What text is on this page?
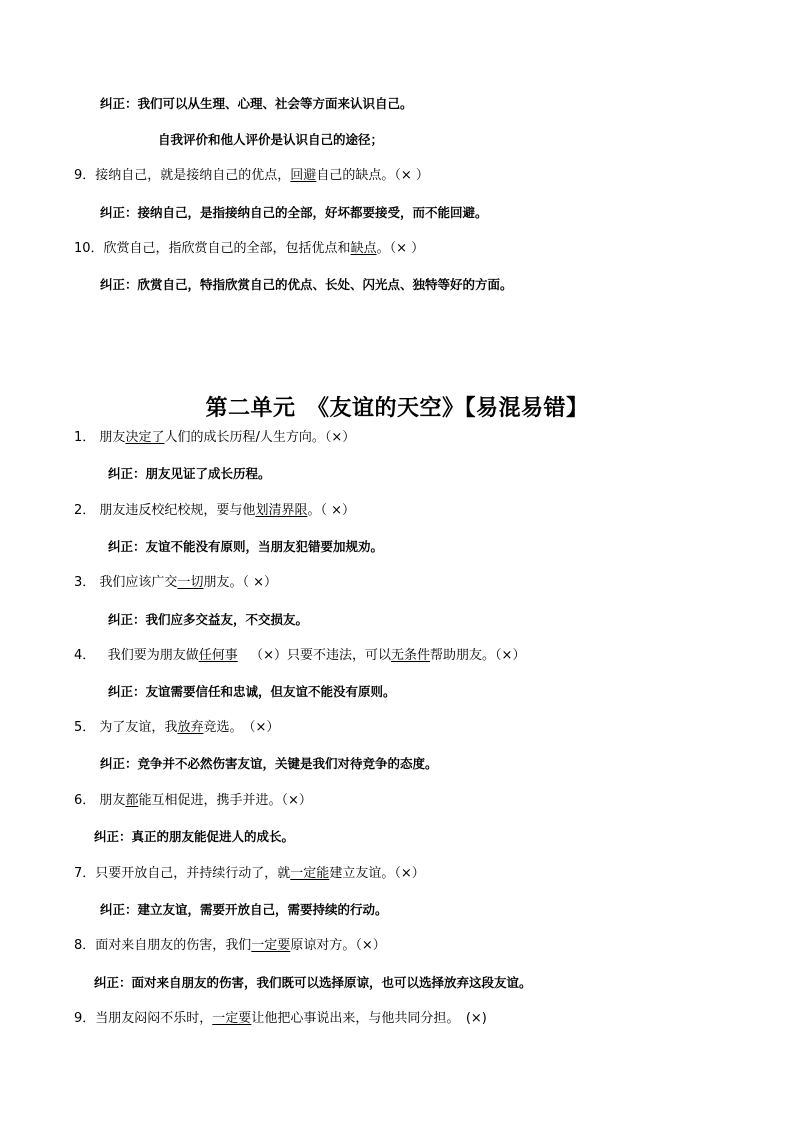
纠正：我们可以从生理、心理、社会等方面来认识自己。
自我评价和他人评价是认识自己的途径；
9．接纳自己，就是接纳自己的优点，回避自己的缺点。（× ）
纠正：接纳自己，是指接纳自己的全部，好坏都要接受，而不能回避。
10．欣赏自己，指欣赏自己的全部，包括优点和缺点。（× ）
纠正：欣赏自己，特指欣赏自己的优点、长处、闪光点、独特等好的方面。
第二单元　《友谊的天空》【易混易错】
1． 朋友决定了人们的成长历程/人生方向。（×）
纠正：朋友见证了成长历程。
2． 朋友违反校纪校规，要与他划清界限。（ ×）
纠正：友谊不能没有原则，当朋友犯错要加规劝。
3． 我们应该广交一切朋友。（ ×）
纠正：我们应多交益友，不交损友。
4． 我们要为朋友做任何事 （×）只要不违法，可以无条件帮助朋友。（×）
纠正：友谊需要信任和忠诚，但友谊不能没有原则。
5． 为了友谊，我放弃竞选。　（×）
纠正：竞争并不必然伤害友谊，关键是我们对待竞争的态度。
6． 朋友都能互相促进，携手并进。（×）
纠正：真正的朋友能促进人的成长。
7．只要开放自己，并持续行动了，就一定能建立友谊。（×）
纠正：建立友谊，需要开放自己，需要持续的行动。
8．面对来自朋友的伤害，我们一定要原谅对方。（×）
纠正：面对来自朋友的伤害，我们既可以选择原谅，也可以选择放弃这段友谊。
9．当朋友闷闷不乐时，一定要让他把心事说出来，与他共同分担。　(×)
